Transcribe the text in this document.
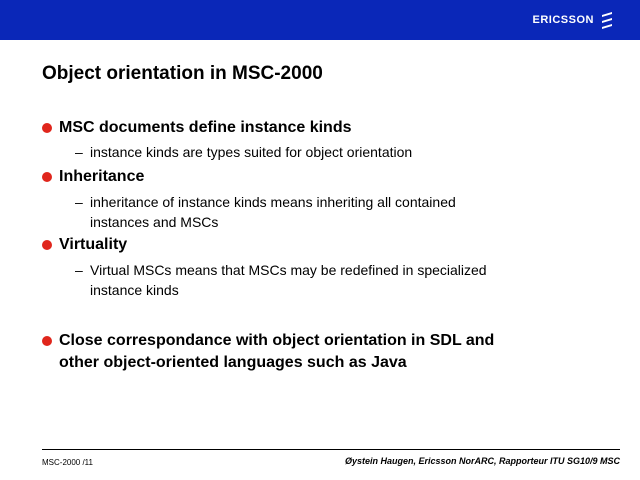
ERICSSON
Object orientation in MSC-2000
MSC documents define instance kinds
– instance kinds are types suited for object orientation
Inheritance
– inheritance of instance kinds means inheriting all contained
instances and MSCs
Virtuality
– Virtual MSCs means that MSCs may be redefined in specialized
instance kinds
Close correspondance with object orientation in SDL and
other object-oriented languages such as Java
MSC-2000 /11	Øystein Haugen, Ericsson NorARC, Rapporteur ITU SG10/9 MSC
